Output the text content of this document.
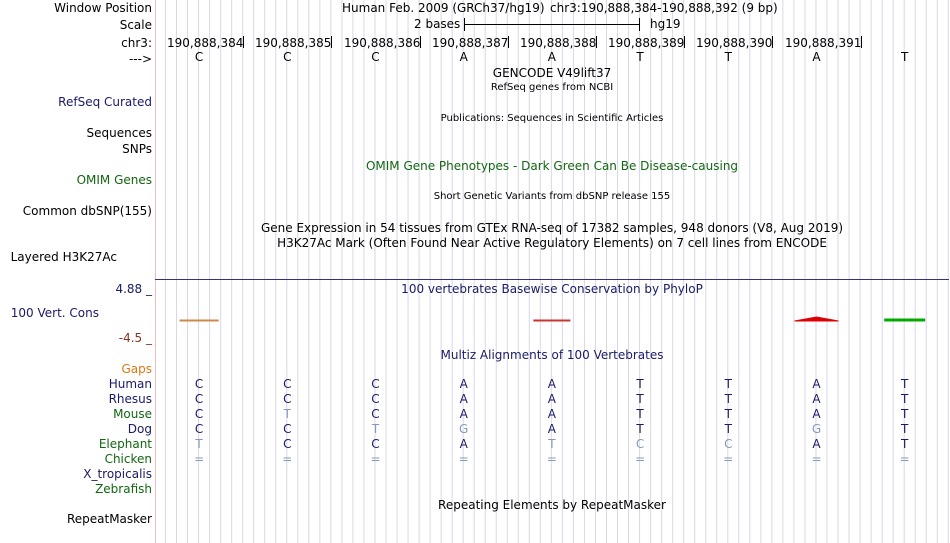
Window Position	Human Feb. 2009 (GRCh37/hg19) chr3:190,888,384-190,888,392 (9 bp)
Scale	2 bases	hg19
chr3: 190,888,384 190,888,385 190,888,386 190,888,387 190,888,388 190,888,389 190,888,390 190,888,391
--->	C	C	C	A	A	T	T	A	T
GENCODE V49lift37
RefSeq genes from NCBI
RefSeq Curated
Publications: Sequences in Scientific Articles
Sequences
SNPs
OMIM Gene Phenotypes - Dark Green Can Be Disease-causing
OMIM Genes
Short Genetic Variants from dbSNP release 155
Common dbSNP(155)
Gene Expression in 54 tissues from GTEx RNA-seq of 17382 samples, 948 donors (V8, Aug 2019)
H3K27Ac Mark (Often Found Near Active Regulatory Elements) on 7 cell lines from ENCODE
Layered H3K27Ac
100 vertebrates Basewise Conservation by PhyloP
4.88 _
100 Vert. Cons
-4.5 _
Multiz Alignments of 100 Vertebrates
Gaps
Human	C	C	C	A	A	T	T	A	T
Rhesus	C	C	C	A	A	T	T	A	T
Mouse	C	T	C	A	A	T	T	A	T
Dog	C	C	T	G	A	T	T	G	T
Elephant	T	C	C	A	T	C	C	A	T
Chicken	=	=	=	=	=	=	=	=	=
X_tropicalis
Zebrafish
Repeating Elements by RepeatMasker
RepeatMasker
